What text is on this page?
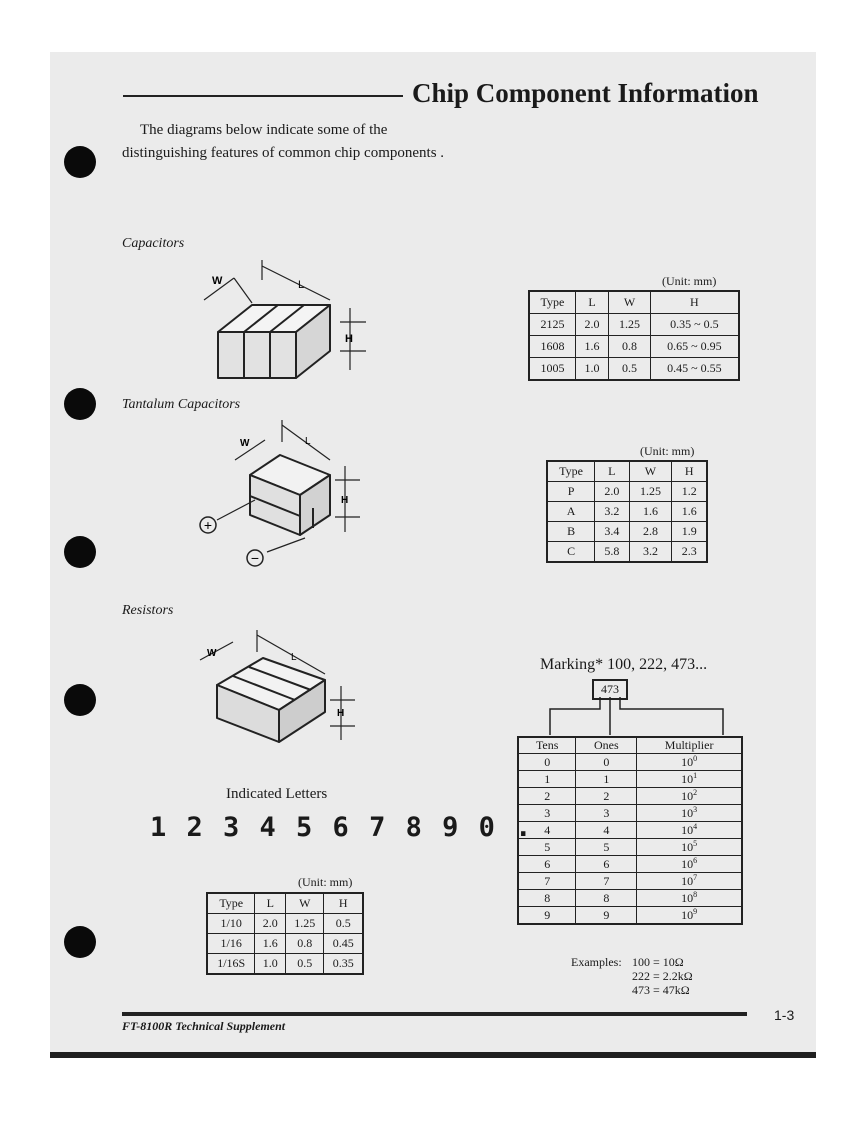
Chip Component Information

The diagrams below indicate some of the distinguishing features of common chip components .

Capacitors
W	L
H
Tantalum Capacitors
+
−
W	L
H
Resistors
W	L
H
Indicated Letters
1 2 3 4 5 6 7 8 9 0 .
(Unit: mm)
Type	L	W	H
2125	2.0	1.25	0.35 ~ 0.5
1608	1.6	0.8	0.65 ~ 0.95
1005	1.0	0.5	0.45 ~ 0.55
(Unit: mm)
Type	L	W	H
P	2.0	1.25	1.2
A	3.2	1.6	1.6
B	3.4	2.8	1.9
C	5.8	3.2	2.3
(Unit: mm)
Type	L	W	H
1/10	2.0	1.25	0.5
1/16	1.6	0.8	0.45
1/16S	1.0	0.5	0.35
Marking* 100, 222, 473...
473
Tens	Ones	Multiplier
0	0	$10^0$
1	1	$10^1$
2	2	$10^2$
3	3	$10^3$
4	4	$10^4$
5	5	$10^5$
6	6	$10^6$
7	7	$10^7$
8	8	$10^8$
9	9	$10^9$
Examples: 100 = 10Ω
222 = 2.2kΩ
473 = 47kΩ
FT-8100R Technical Supplement
1-3
